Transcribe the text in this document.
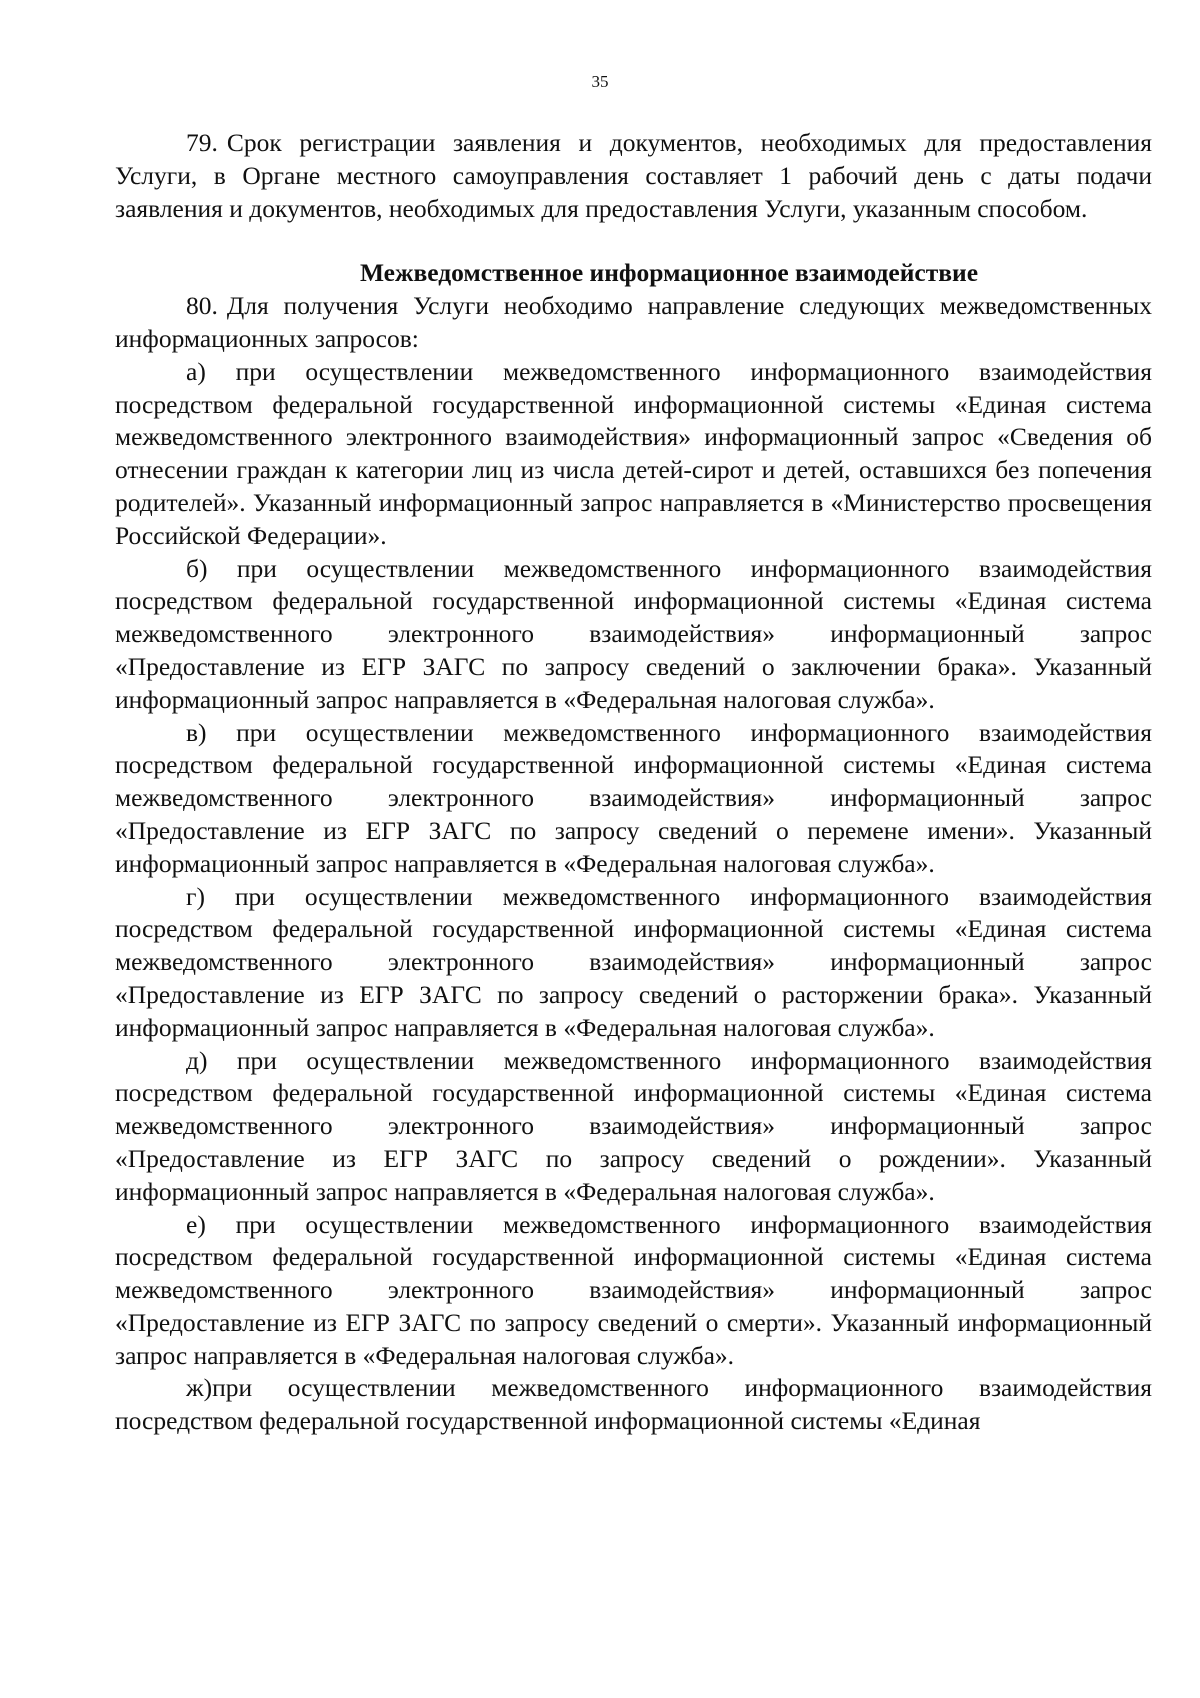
35

79. Срок регистрации заявления и документов, необходимых для предоставления Услуги, в Органе местного самоуправления составляет 1 рабочий день с даты подачи заявления и документов, необходимых для предоставления Услуги, указанным способом.

Межведомственное информационное взаимодействие

80. Для получения Услуги необходимо направление следующих межведомственных информационных запросов:

а) при осуществлении межведомственного информационного взаимодействия посредством федеральной государственной информационной системы «Единая система межведомственного электронного взаимодействия» информационный запрос «Сведения об отнесении граждан к категории лиц из числа детей-сирот и детей, оставшихся без попечения родителей». Указанный информационный запрос направляется в «Министерство просвещения Российской Федерации».

б) при осуществлении межведомственного информационного взаимодействия посредством федеральной государственной информационной системы «Единая система межведомственного электронного взаимодействия» информационный запрос «Предоставление из ЕГР ЗАГС по запросу сведений о заключении брака». Указанный информационный запрос направляется в «Федеральная налоговая служба».

в) при осуществлении межведомственного информационного взаимодействия посредством федеральной государственной информационной системы «Единая система межведомственного электронного взаимодействия» информационный запрос «Предоставление из ЕГР ЗАГС по запросу сведений о перемене имени». Указанный информационный запрос направляется в «Федеральная налоговая служба».

г) при осуществлении межведомственного информационного взаимодействия посредством федеральной государственной информационной системы «Единая система межведомственного электронного взаимодействия» информационный запрос «Предоставление из ЕГР ЗАГС по запросу сведений о расторжении брака». Указанный информационный запрос направляется в «Федеральная налоговая служба».

д) при осуществлении межведомственного информационного взаимодействия посредством федеральной государственной информационной системы «Единая система межведомственного электронного взаимодействия» информационный запрос «Предоставление из ЕГР ЗАГС по запросу сведений о рождении». Указанный информационный запрос направляется в «Федеральная налоговая служба».

е) при осуществлении межведомственного информационного взаимодействия посредством федеральной государственной информационной системы «Единая система межведомственного электронного взаимодействия» информационный запрос «Предоставление из ЕГР ЗАГС по запросу сведений о смерти». Указанный информационный запрос направляется в «Федеральная налоговая служба».

ж)при осуществлении межведомственного информационного взаимодействия посредством федеральной государственной информационной системы «Единая
